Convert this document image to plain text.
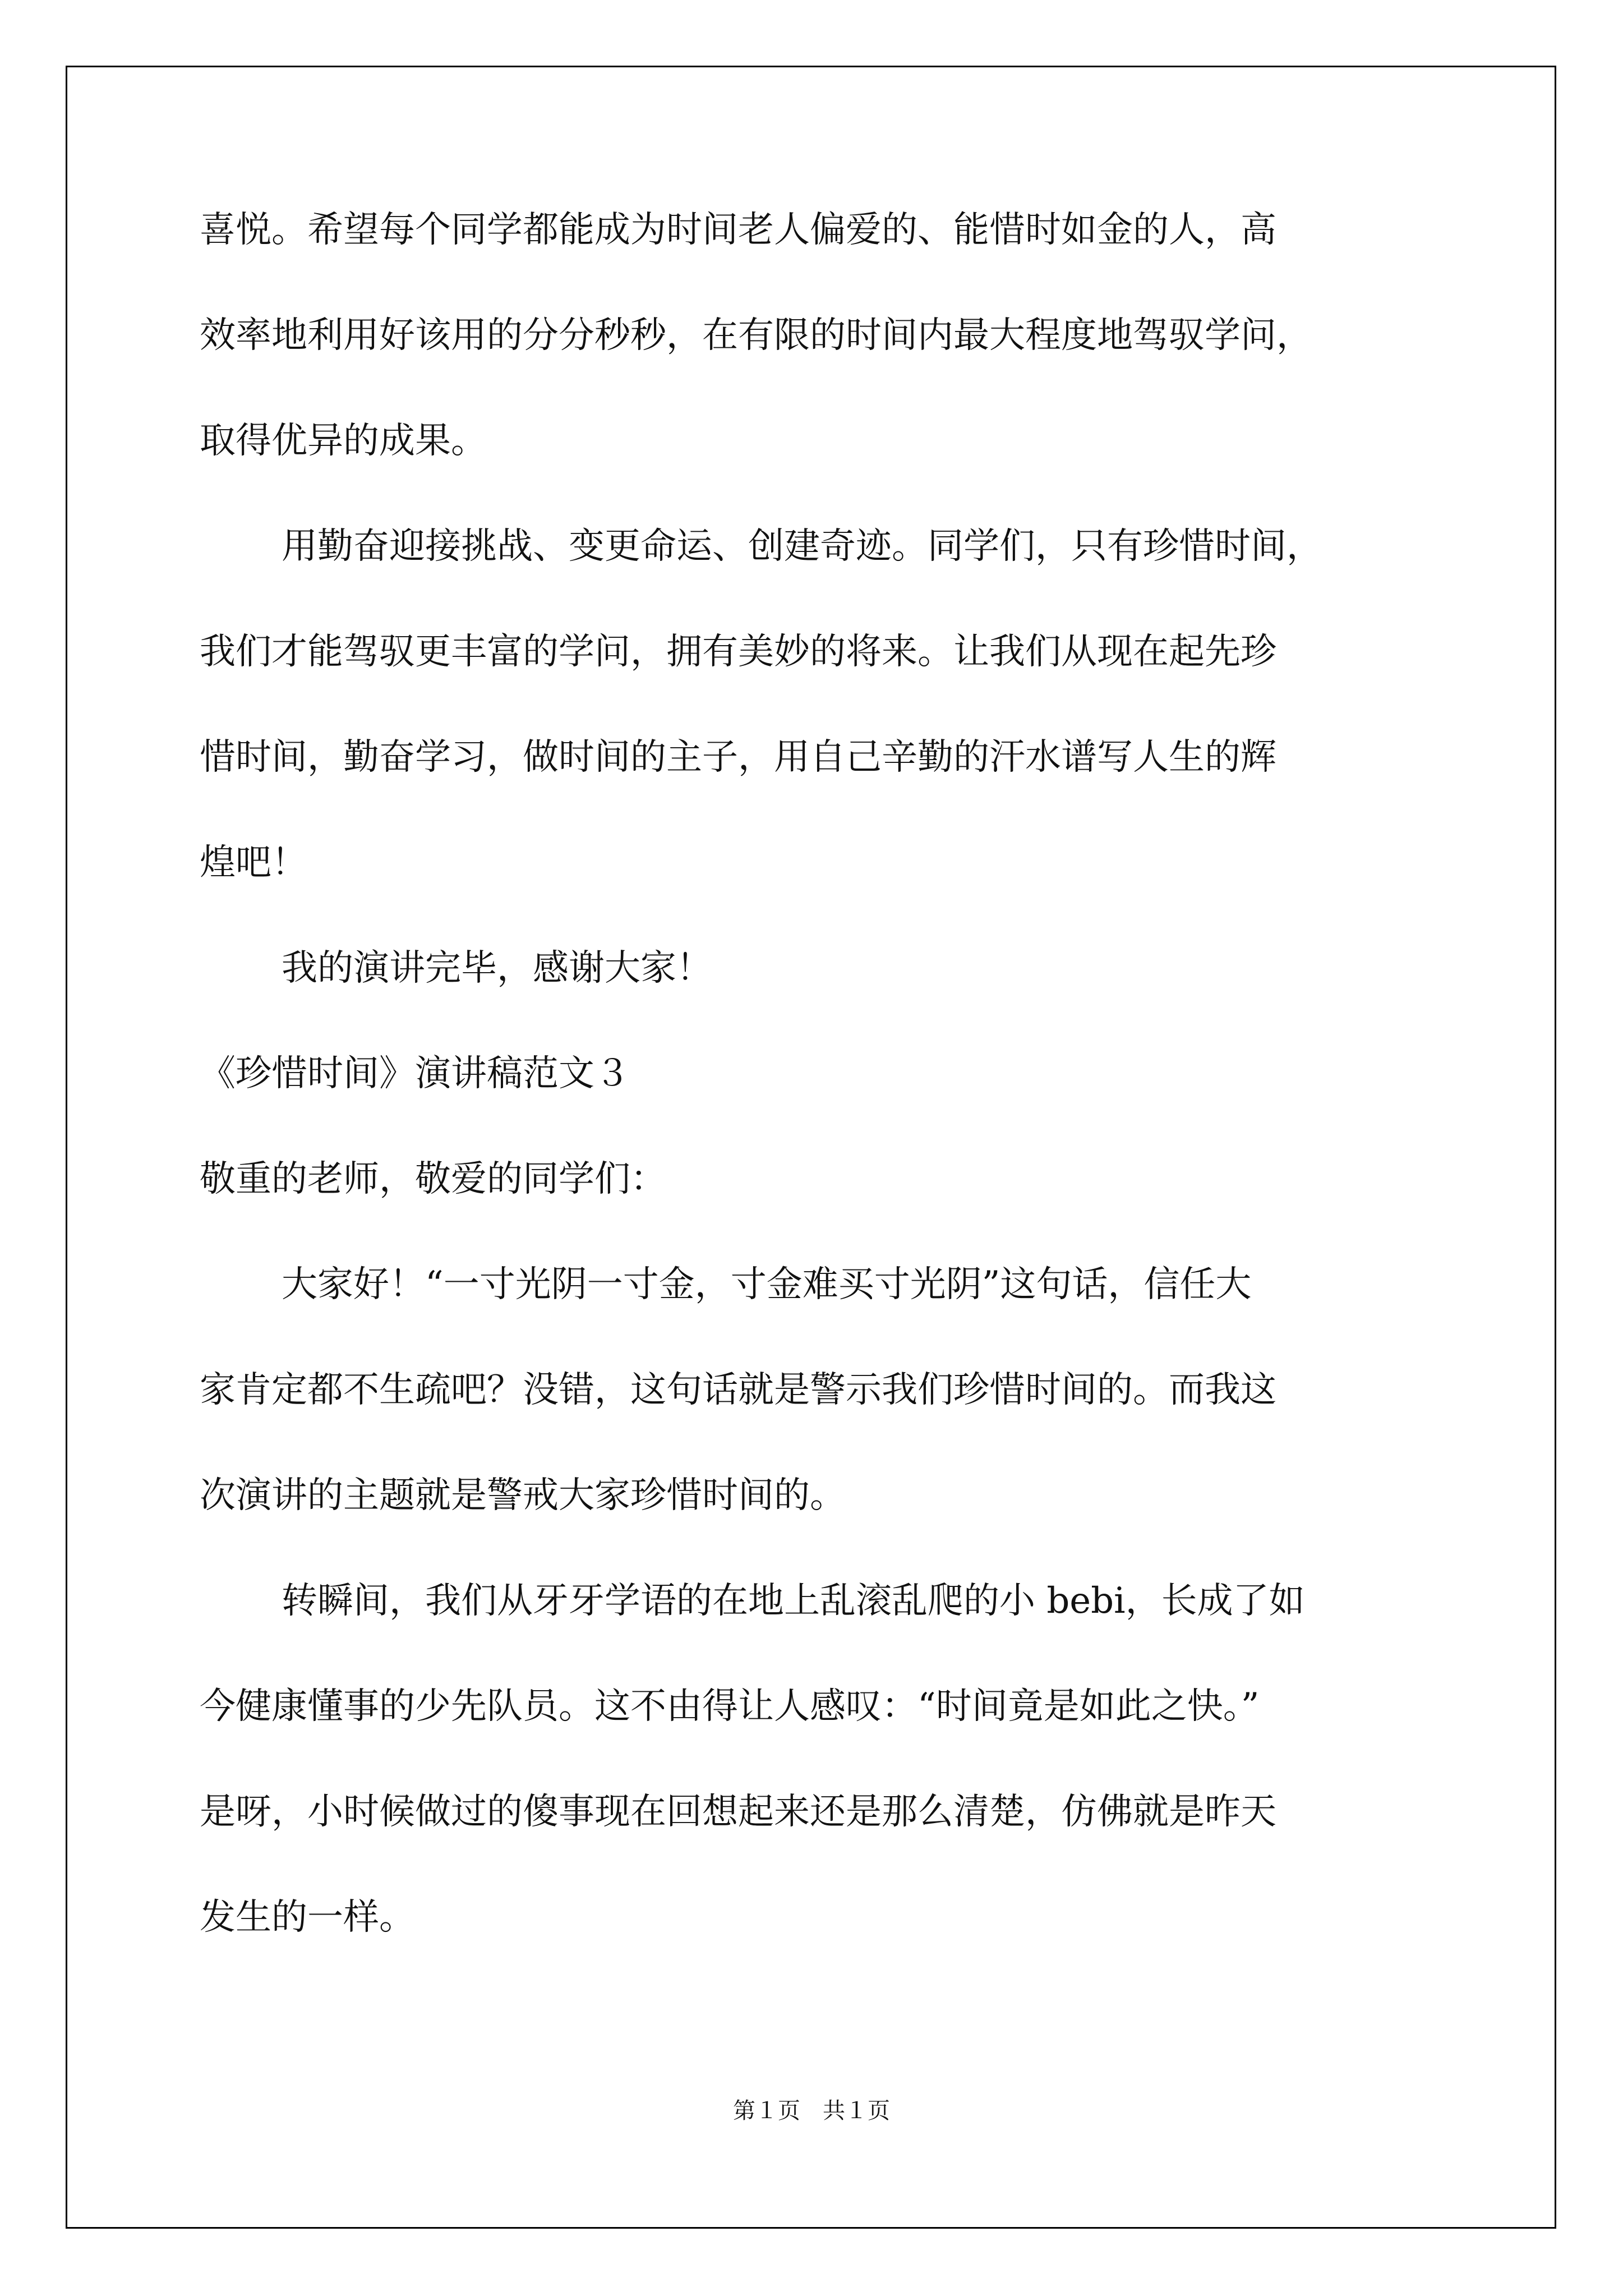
喜悦。希望每个同学都能成为时间老人偏爱的、能惜时如金的人，高
效率地利用好该用的分分秒秒，在有限的时间内最大程度地驾驭学问，
取得优异的成果。
用勤奋迎接挑战、变更命运、创建奇迹。同学们，只有珍惜时间，
我们才能驾驭更丰富的学问，拥有美妙的将来。让我们从现在起先珍
惜时间，勤奋学习，做时间的主子，用自己辛勤的汗水谱写人生的辉
煌吧！
我的演讲完毕，感谢大家！
《珍惜时间》演讲稿范文３
敬重的老师，敬爱的同学们：
大家好！“一寸光阴一寸金，寸金难买寸光阴”这句话，信任大
家肯定都不生疏吧？没错，这句话就是警示我们珍惜时间的。而我这
次演讲的主题就是警戒大家珍惜时间的。
转瞬间，我们从牙牙学语的在地上乱滚乱爬的小 bebi，长成了如
今健康懂事的少先队员。这不由得让人感叹：“时间竟是如此之快。”
是呀，小时候做过的傻事现在回想起来还是那么清楚，仿佛就是昨天
发生的一样。
第１页　共１页
